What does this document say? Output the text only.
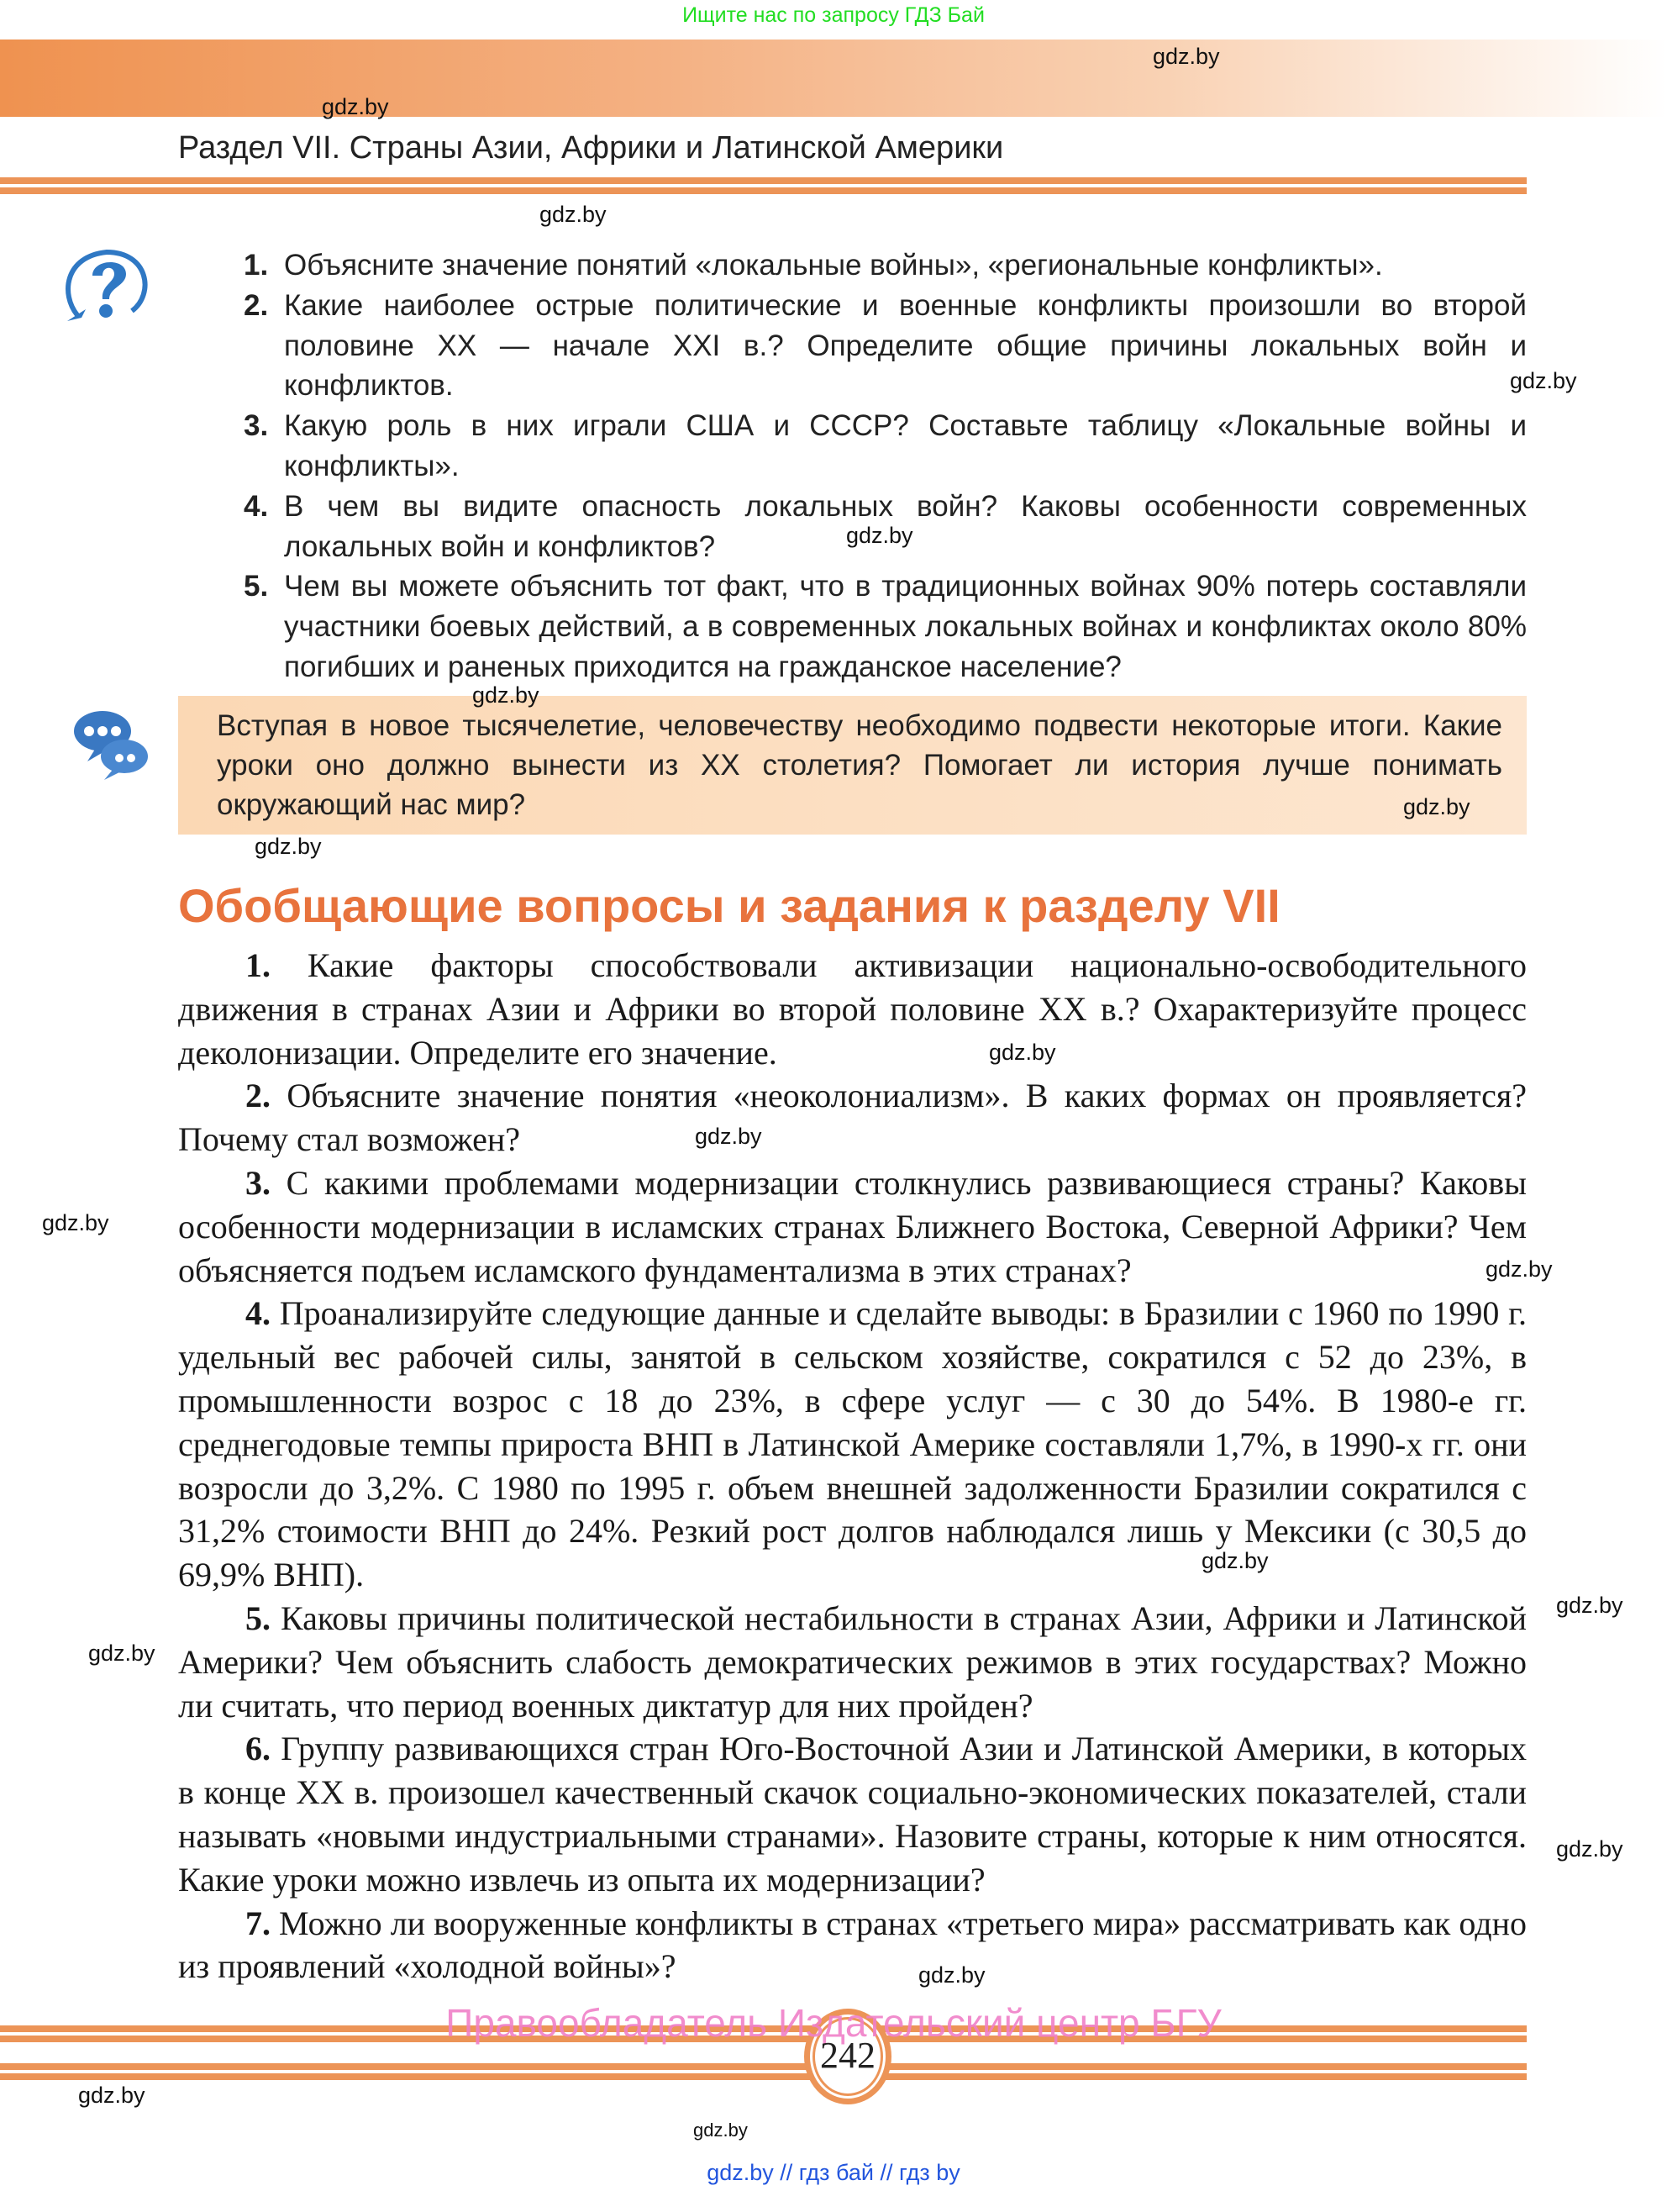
Ищите нас по запросу ГДЗ Бай
gdz.by
gdz.by
Раздел VII. Страны Азии, Африки и Латинской Америки
gdz.by
1. Объясните значение понятий «локальные войны», «региональные конфликты».
2. Какие наиболее острые политические и военные конфликты произошли во второй половине XX — начале XXI в.? Определите общие причины локальных войн и конфликтов.
3. Какую роль в них играли США и СССР? Составьте таблицу «Локальные войны и конфликты».
4. В чем вы видите опасность локальных войн? Каковы особенности современных локальных войн и конфликтов?
5. Чем вы можете объяснить тот факт, что в традиционных войнах 90% потерь составляли участники боевых действий, а в современных локальных войнах и конфликтах около 80% погибших и раненых приходится на гражданское население?
gdz.by
gdz.by
Вступая в новое тысячелетие, человечеству необходимо подвести некоторые итоги. Какие уроки оно должно вынести из XX столетия? Помогает ли история лучше понимать окружающий нас мир?
gdz.by
gdz.by
gdz.by
Обобщающие вопросы и задания к разделу VII

1. Какие факторы способствовали активизации национально-освободительного движения в странах Азии и Африки во второй половине XX в.? Охарактеризуйте процесс деколонизации. Определите его значение.

2. Объясните значение понятия «неоколониализм». В каких формах он проявляется? Почему стал возможен?

3. С какими проблемами модернизации столкнулись развивающиеся страны? Каковы особенности модернизации в исламских странах Ближнего Востока, Северной Африки? Чем объясняется подъем исламского фундаментализма в этих странах?

4. Проанализируйте следующие данные и сделайте выводы: в Бразилии с 1960 по 1990 г. удельный вес рабочей силы, занятой в сельском хозяйстве, сократился с 52 до 23%, в промышленности возрос с 18 до 23%, в сфере услуг — с 30 до 54%. В 1980-е гг. среднегодовые темпы прироста ВНП в Латинской Америке составляли 1,7%, в 1990-х гг. они возросли до 3,2%. С 1980 по 1995 г. объем внешней задолженности Бразилии сократился с 31,2% стоимости ВНП до 24%. Резкий рост долгов наблюдался лишь у Мексики (с 30,5 до 69,9% ВНП).

5. Каковы причины политической нестабильности в странах Азии, Африки и Латинской Америки? Чем объяснить слабость демократических режимов в этих государствах? Можно ли считать, что период военных диктатур для них пройден?

6. Группу развивающихся стран Юго-Восточной Азии и Латинской Америки, в которых в конце XX в. произошел качественный скачок социально-экономических показателей, стали называть «новыми индустриальными странами». Назовите страны, которые к ним относятся. Какие уроки можно извлечь из опыта их модернизации?

7. Можно ли вооруженные конфликты в странах «третьего мира» рассматривать как одно из проявлений «холодной войны»?

gdz.by
gdz.by
gdz.by
gdz.by
gdz.by
gdz.by
gdz.by
gdz.by
gdz.by
242
Правообладатель Издательский центр БГУ
gdz.by
gdz.by
gdz.by // гдз бай // гдз by
